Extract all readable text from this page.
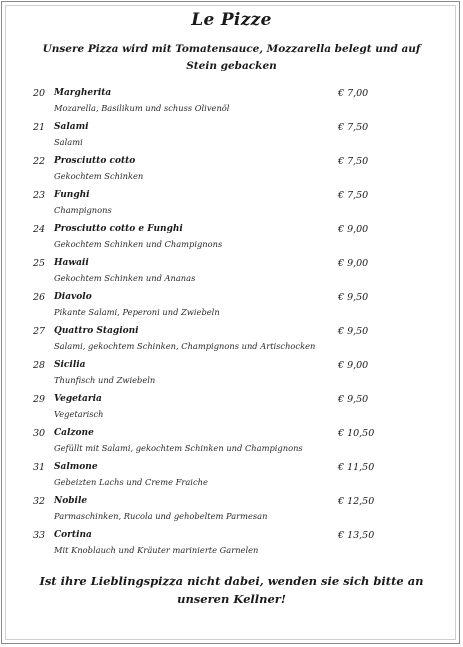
Le Pizze
Unsere Pizza wird mit Tomatensauce, Mozzarella belegt und auf Stein gebacken
20 Margherita	€ 7,00
Mozarella, Basilikum und schuss Olivenöl
21 Salami	€ 7,50
Salami
22 Prosciutto cotto	€ 7,50
Gekochtem Schinken
23 Funghi	€ 7,50
Champignons
24 Prosciutto cotto e Funghi	€ 9,00
Gekochtem Schinken und Champignons
25 Hawaii	€ 9,00
Gekochtem Schinken und Ananas
26 Diavolo	€ 9,50
Pikante Salami, Peperoni und Zwiebeln
27 Quattro Stagioni	€ 9,50
Salami, gekochtem Schinken, Champignons und Artischocken
28 Sicilia	€ 9,00
Thunfisch und Zwiebeln
29 Vegetaria	€ 9,50
Vegetarisch
30 Calzone	€ 10,50
Gefüllt mit Salami, gekochtem Schinken und Champignons
31 Salmone	€ 11,50
Gebeizten Lachs und Creme Fraiche
32 Nobile	€ 12,50
Parmaschinken, Rucola und gehobeltem Parmesan
33 Cortina	€ 13,50
Mit Knoblauch und Kräuter marinierte Garnelen
Ist ihre Lieblingspizza nicht dabei, wenden sie sich bitte an unseren Kellner!
